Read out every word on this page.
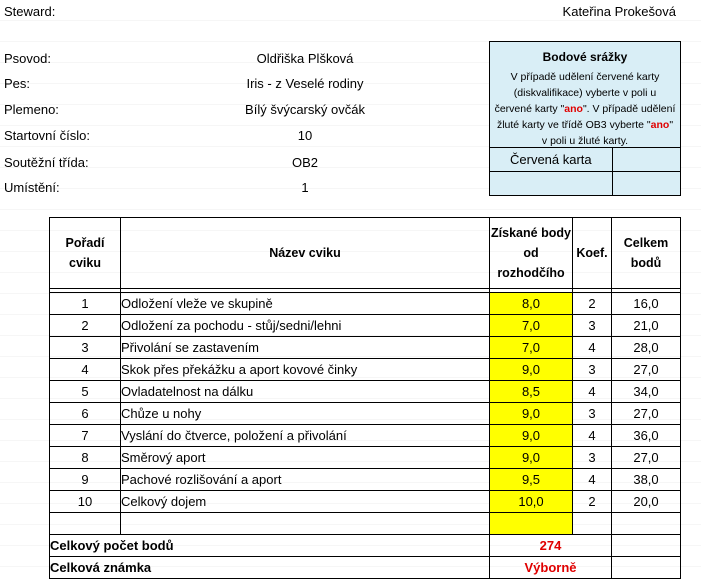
Steward:	Kateřina Prokešová
Psovod:	Oldřiška Plšková
Pes:	Iris - z Veselé rodiny
Plemeno:	Bílý švýcarský ovčák
Startovní číslo:	10
Soutěžní třída:	OB2
Umístění:	1
Bodové srážky
V případě udělení červené karty (diskvalifikace) vyberte v poli u červené karty "ano". V případě udělení žluté karty ve třídě OB3 vyberte "ano" v poli u žluté karty.
Červená karta
Pořadí cviku	Název cviku	Získané body od rozhodčího	Koef.	Celkem bodů

1	Odložení vleže ve skupině	8,0	2	16,0
2	Odložení za pochodu - stůj/sedni/lehni	7,0	3	21,0
3	Přivolání se zastavením	7,0	4	28,0
4	Skok přes překážku a aport kovové činky	9,0	3	27,0
5	Ovladatelnost na dálku	8,5	4	34,0
6	Chůze u nohy	9,0	3	27,0
7	Vyslání do čtverce, položení a přivolání	9,0	4	36,0
8	Směrový aport	9,0	3	27,0
9	Pachové rozlišování a aport	9,5	4	38,0
10	Celkový dojem	10,0	2	20,0

Celkový počet bodů		274		
Celková známka		Výborně		
